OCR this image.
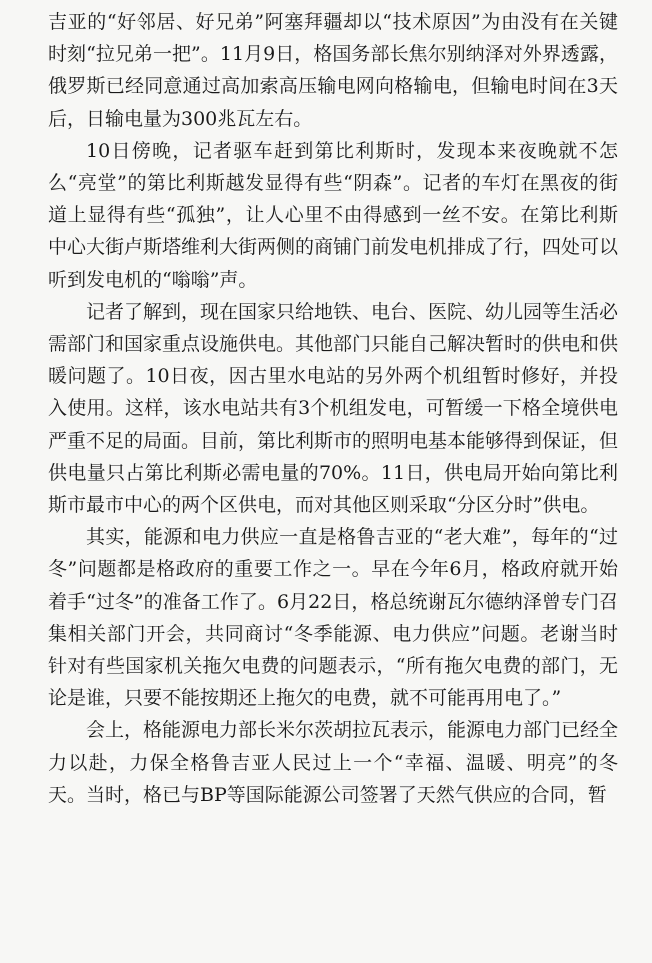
吉亚的“好邻居、好兄弟”阿塞拜疆却以“技术原因”为由没有在关键时刻“拉兄弟一把”。11月9日，格国务部长焦尔别纳泽对外界透露，俄罗斯已经同意通过高加索高压输电网向格输电，但输电时间在3天后，日输电量为300兆瓦左右。

10日傍晚，记者驱车赶到第比利斯时，发现本来夜晚就不怎么“亮堂”的第比利斯越发显得有些“阴森”。记者的车灯在黑夜的街道上显得有些“孤独”，让人心里不由得感到一丝不安。在第比利斯中心大街卢斯塔维利大街两侧的商铺门前发电机排成了行，四处可以听到发电机的“嗡嗡”声。

记者了解到，现在国家只给地铁、电台、医院、幼儿园等生活必需部门和国家重点设施供电。其他部门只能自己解决暂时的供电和供暖问题了。10日夜，因古里水电站的另外两个机组暂时修好，并投入使用。这样，该水电站共有3个机组发电，可暂缓一下格全境供电严重不足的局面。目前，第比利斯市的照明电基本能够得到保证，但供电量只占第比利斯必需电量的70%。11日，供电局开始向第比利斯市最市中心的两个区供电，而对其他区则采取“分区分时”供电。

其实，能源和电力供应一直是格鲁吉亚的“老大难”，每年的“过冬”问题都是格政府的重要工作之一。早在今年6月，格政府就开始着手“过冬”的准备工作了。6月22日，格总统谢瓦尔德纳泽曾专门召集相关部门开会，共同商讨“冬季能源、电力供应”问题。老谢当时针对有些国家机关拖欠电费的问题表示，“所有拖欠电费的部门，无论是谁，只要不能按期还上拖欠的电费，就不可能再用电了。”

会上，格能源电力部长米尔茨胡拉瓦表示，能源电力部门已经全力以赴，力保全格鲁吉亚人民过上一个“幸福、温暖、明亮”的冬天。当时，格已与BP等国际能源公司签署了天然气供应的合同，暂
